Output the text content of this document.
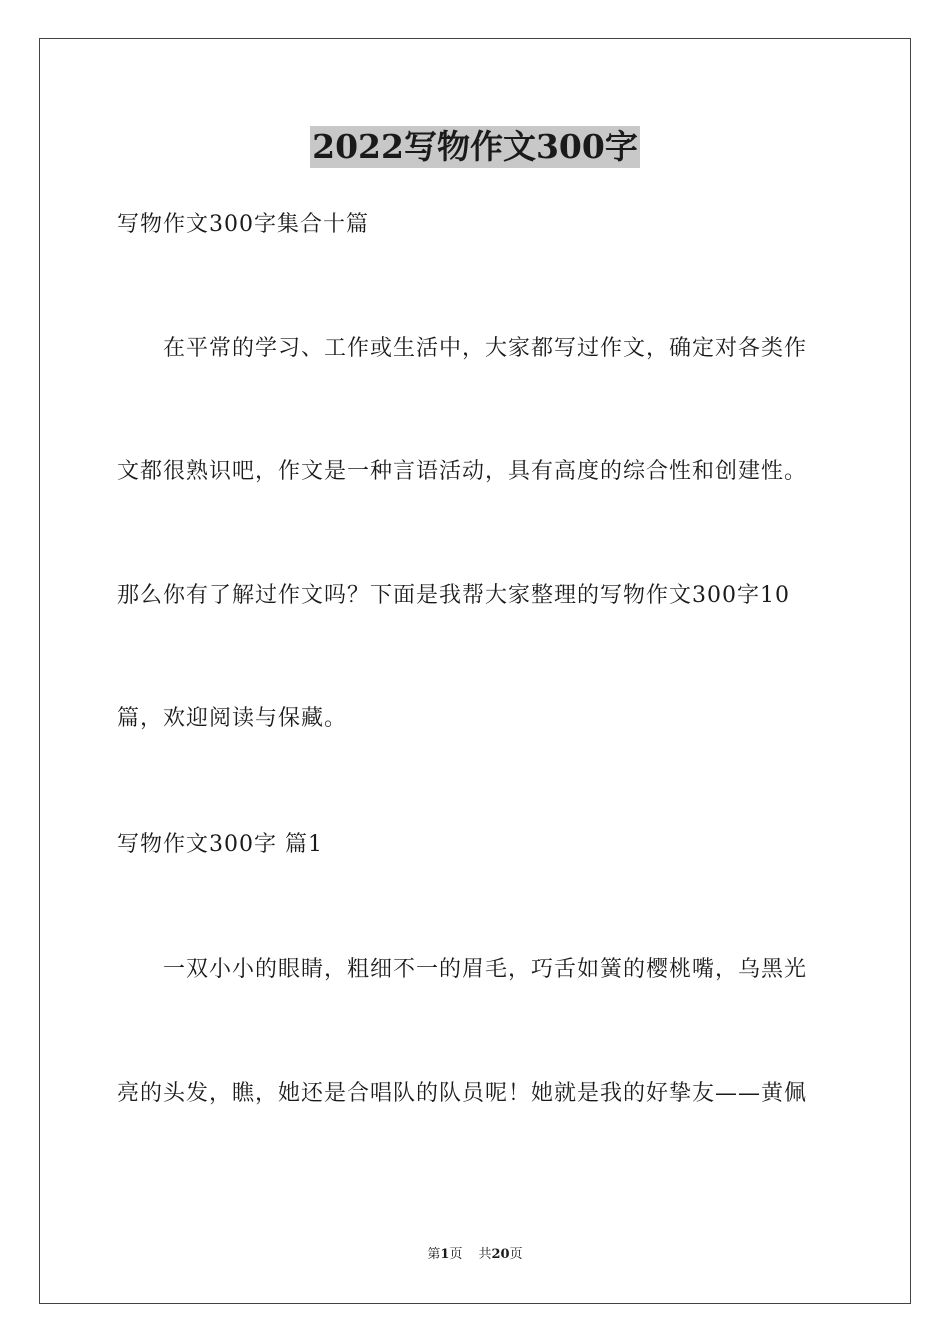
2022写物作文300字
写物作文300字集合十篇
在平常的学习、工作或生活中，大家都写过作文，确定对各类作
文都很熟识吧，作文是一种言语活动，具有高度的综合性和创建性。
那么你有了解过作文吗？下面是我帮大家整理的写物作文300字10
篇，欢迎阅读与保藏。
写物作文300字 篇1
一双小小的眼睛，粗细不一的眉毛，巧舌如簧的樱桃嘴，乌黑光
亮的头发，瞧，她还是合唱队的队员呢！她就是我的好挚友——黄佩
第1页 共20页
